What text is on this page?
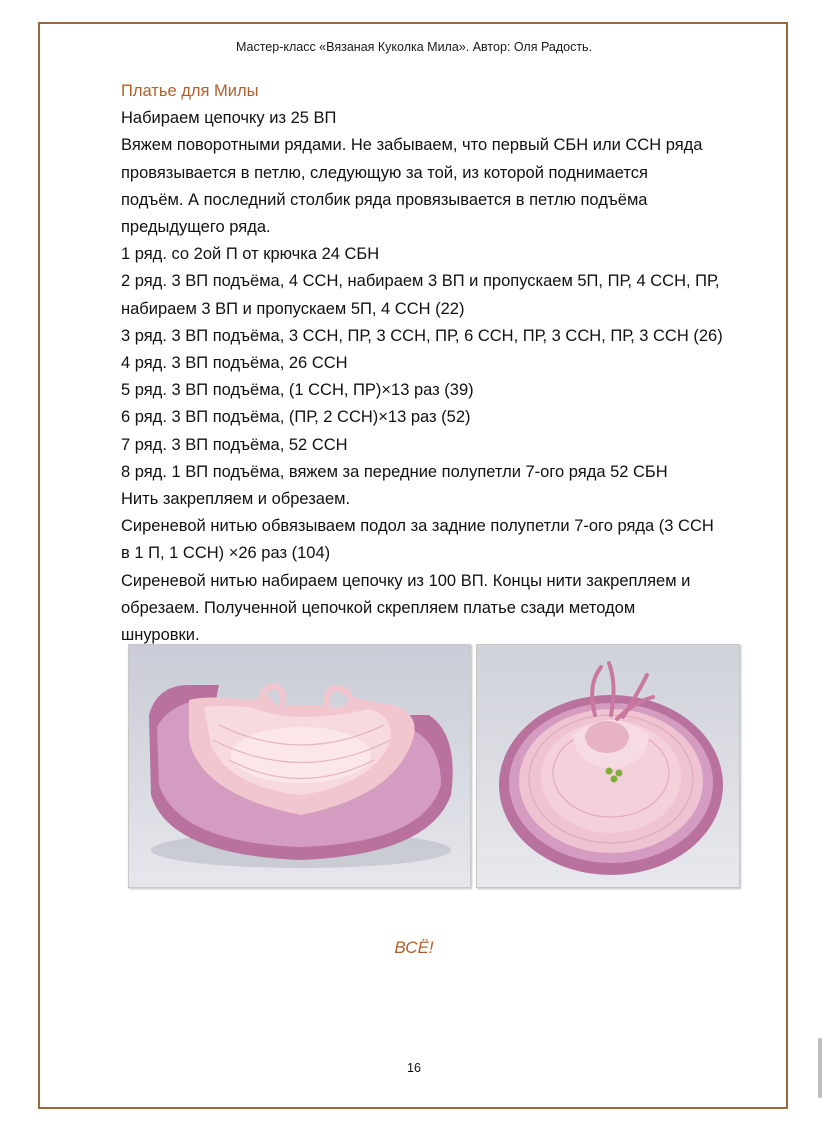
Мастер-класс «Вязаная Куколка Мила». Автор: Оля Радость.

Платье для Милы

Набираем цепочку из 25 ВП

Вяжем поворотными рядами. Не забываем, что первый СБН или ССН ряда

провязывается в петлю, следующую за той, из которой поднимается

подъём. А последний столбик ряда провязывается в петлю подъёма

предыдущего ряда.

1 ряд. со 2ой П от крючка 24 СБН

2 ряд. 3 ВП подъёма, 4 ССН, набираем 3 ВП и пропускаем 5П, ПР, 4 ССН, ПР,

набираем 3 ВП и пропускаем 5П, 4 ССН (22)

3 ряд. 3 ВП подъёма, 3 ССН, ПР, 3 ССН, ПР, 6 ССН, ПР, 3 ССН, ПР, 3 ССН (26)

4 ряд. 3 ВП подъёма, 26 ССН

5 ряд. 3 ВП подъёма, (1 ССН, ПР)×13 раз (39)

6 ряд. 3 ВП подъёма, (ПР, 2 ССН)×13 раз (52)

7 ряд. 3 ВП подъёма, 52 ССН

8 ряд. 1 ВП подъёма, вяжем за передние полупетли 7-ого ряда 52 СБН

Нить закрепляем и обрезаем.

Сиреневой нитью обвязываем подол за задние полупетли 7-ого ряда (3 ССН

в 1 П, 1 ССН) ×26 раз (104)

Сиреневой нитью набираем цепочку из 100 ВП. Концы нити закрепляем и

обрезаем. Полученной цепочкой скрепляем платье сзади методом

шнуровки.

ВСЁ!
16
